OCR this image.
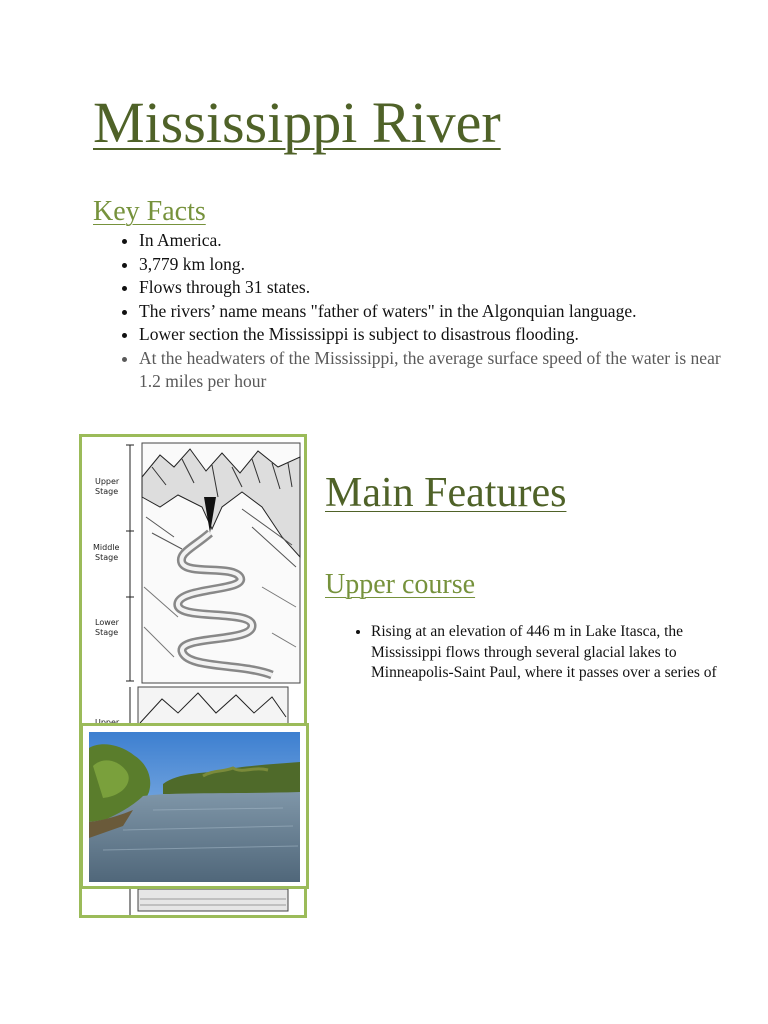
Mississippi River
Key Facts
• In America.
• 3,779 km long.
• Flows through 31 states.
• The rivers’ name means "father of waters" in the Algonquian language.
• Lower section the Mississippi is subject to disastrous flooding.
• At the headwaters of the Mississippi, the average surface speed of the water is near 1.2 miles per hour
Upper
Stage
Middle
Stage
Lower
Stage
Main Features
Upper course
• Rising at an elevation of 446 m in Lake Itasca, the Mississippi flows through several glacial lakes to Minneapolis-Saint Paul, where it passes over a series of
